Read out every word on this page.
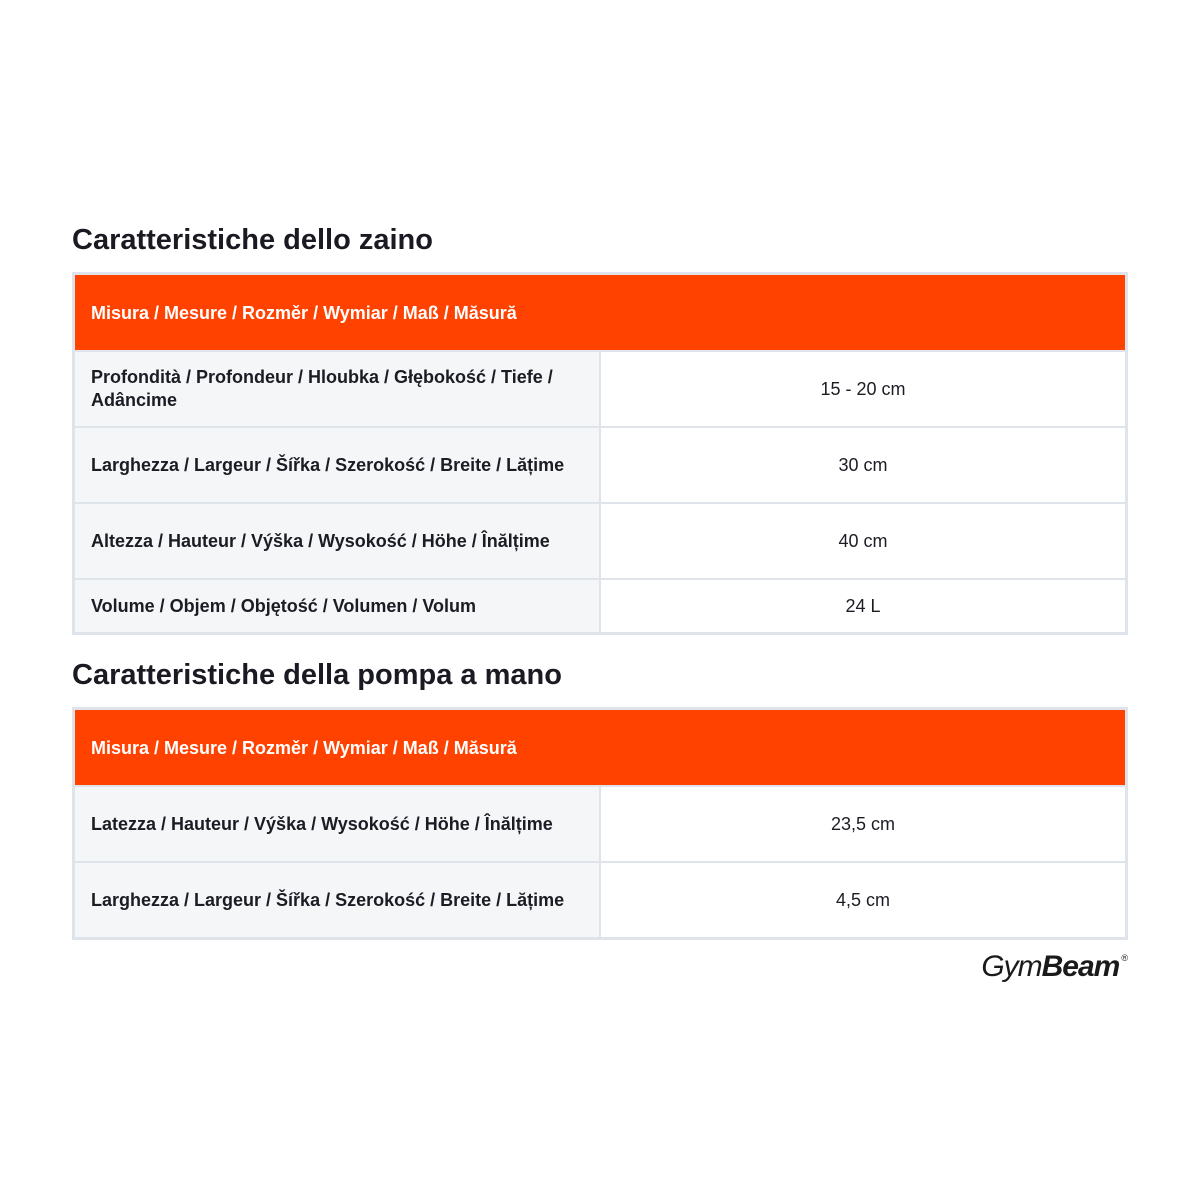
Caratteristiche dello zaino
Misura / Mesure / Rozměr / Wymiar / Maß / Măsură	

Profondità / Profondeur / Hloubka / Głębokość / Tiefe / Adâncime	15 - 20 cm
Larghezza / Largeur / Šířka / Szerokość / Breite / Lățime	30 cm
Altezza / Hauteur / Výška / Wysokość / Höhe / Înălțime	40 cm
Volume / Objem / Objętość / Volumen / Volum	24 L
Caratteristiche della pompa a mano
Misura / Mesure / Rozměr / Wymiar / Maß / Măsură	

Latezza / Hauteur / Výška / Wysokość / Höhe / Înălțime	23,5 cm
Larghezza / Largeur / Šířka / Szerokość / Breite / Lățime	4,5 cm
Gym Beam ®
